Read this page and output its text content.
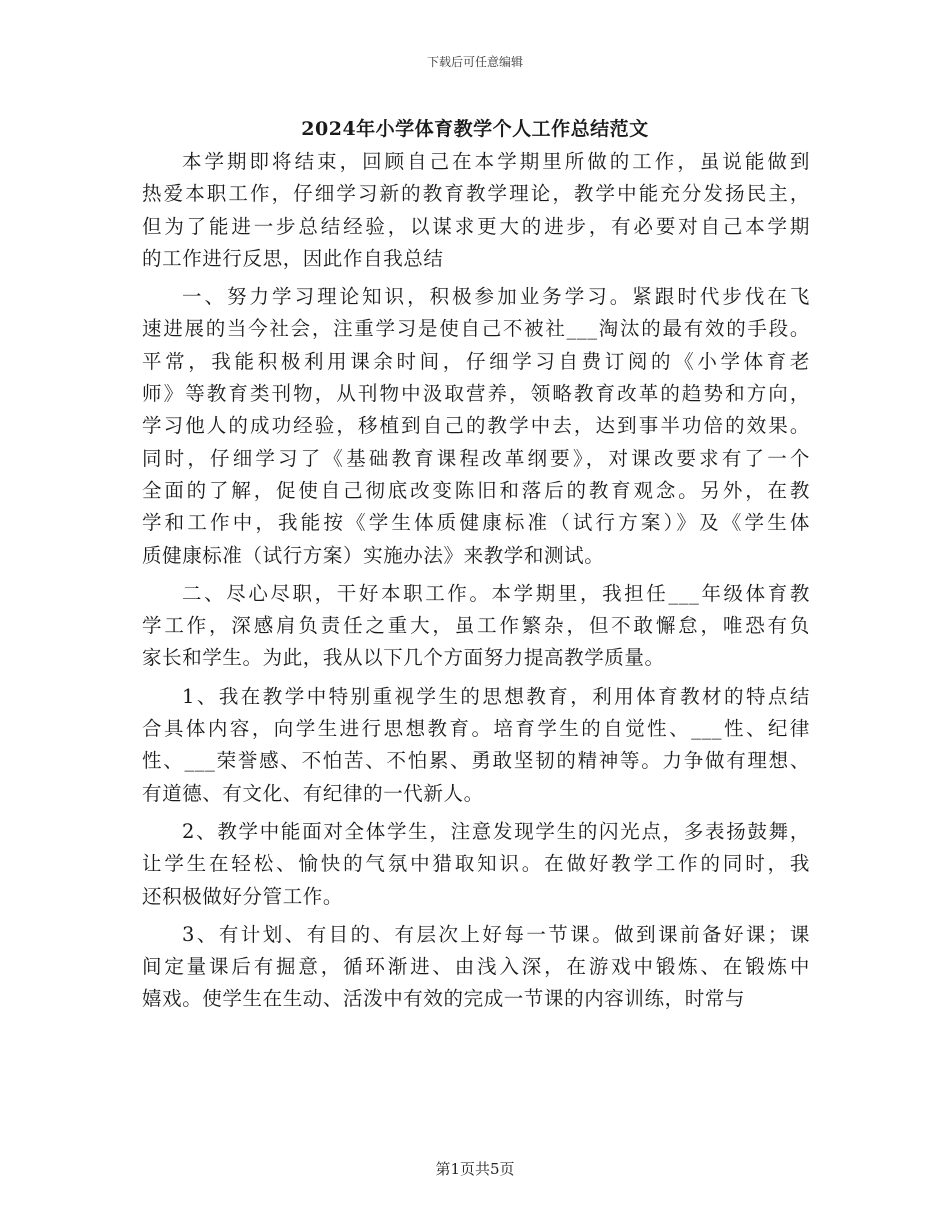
下载后可任意编辑
2024年小学体育教学个人工作总结范文
本学期即将结束，回顾自己在本学期里所做的工作，虽说能做到
热爱本职工作，仔细学习新的教育教学理论，教学中能充分发扬民主，
但为了能进一步总结经验，以谋求更大的进步，有必要对自己本学期
的工作进行反思，因此作自我总结
一、努力学习理论知识，积极参加业务学习。紧跟时代步伐在飞
速进展的当今社会，注重学习是使自己不被社___淘汰的最有效的手段。
平常，我能积极利用课余时间，仔细学习自费订阅的《小学体育老
师》等教育类刊物，从刊物中汲取营养，领略教育改革的趋势和方向，
学习他人的成功经验，移植到自己的教学中去，达到事半功倍的效果。
同时，仔细学习了《基础教育课程改革纲要》，对课改要求有了一个
全面的了解，促使自己彻底改变陈旧和落后的教育观念。另外，在教
学和工作中，我能按《学生体质健康标准（试行方案）》及《学生体
质健康标准（试行方案）实施办法》来教学和测试。
二、尽心尽职，干好本职工作。本学期里，我担任___年级体育教
学工作，深感肩负责任之重大，虽工作繁杂，但不敢懈怠，唯恐有负
家长和学生。为此，我从以下几个方面努力提高教学质量。
1、我在教学中特别重视学生的思想教育，利用体育教材的特点结
合具体内容，向学生进行思想教育。培育学生的自觉性、___性、纪律
性、___荣誉感、不怕苦、不怕累、勇敢坚韧的精神等。力争做有理想、
有道德、有文化、有纪律的一代新人。
2、教学中能面对全体学生，注意发现学生的闪光点，多表扬鼓舞，
让学生在轻松、愉快的气氛中猎取知识。在做好教学工作的同时，我
还积极做好分管工作。
3、有计划、有目的、有层次上好每一节课。做到课前备好课；课
间定量课后有掘意，循环渐进、由浅入深，在游戏中锻炼、在锻炼中
嬉戏。使学生在生动、活泼中有效的完成一节课的内容训练，时常与
第1页共5页
